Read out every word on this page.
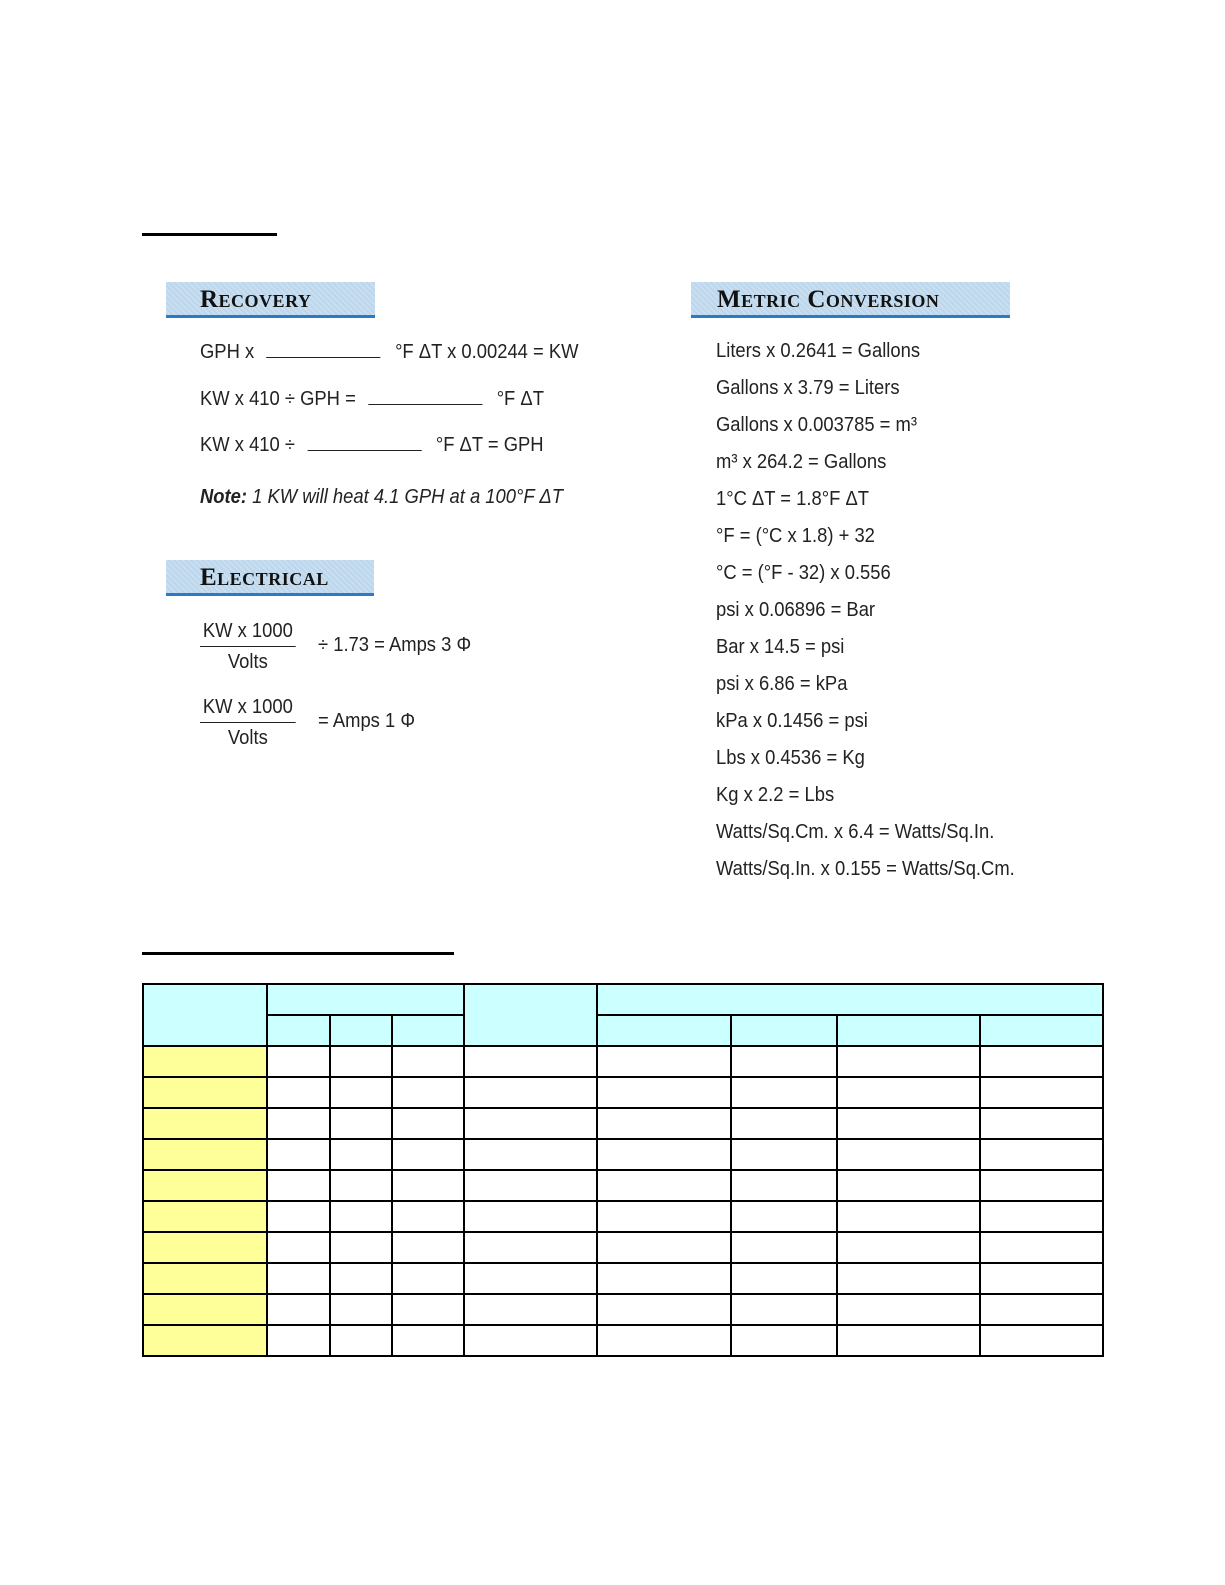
Recovery
GPH x	°F ΔT x 0.00244 = KW
KW x 410 ÷ GPH =	°F ΔT
KW x 410 ÷	°F ΔT = GPH
Note: 1 KW will heat 4.1 GPH at a 100°F ΔT
Electrical
KW x 1000
Volts
÷ 1.73 = Amps 3 Φ
KW x 1000
Volts
= Amps 1 Φ
Metric Conversion
Liters x 0.2641 = Gallons
Gallons x 3.79 = Liters
Gallons x 0.003785 = m³
m³ x 264.2 = Gallons
1°C ΔT = 1.8°F ΔT
°F = (°C x 1.8) + 32
°C = (°F - 32) x 0.556
psi x 0.06896 = Bar
Bar x 14.5 = psi
psi x 6.86 = kPa
kPa x 0.1456 = psi
Lbs x 0.4536 = Kg
Kg x 2.2 = Lbs
Watts/Sq.Cm. x 6.4 = Watts/Sq.In.
Watts/Sq.In. x 0.155 = Watts/Sq.Cm.
